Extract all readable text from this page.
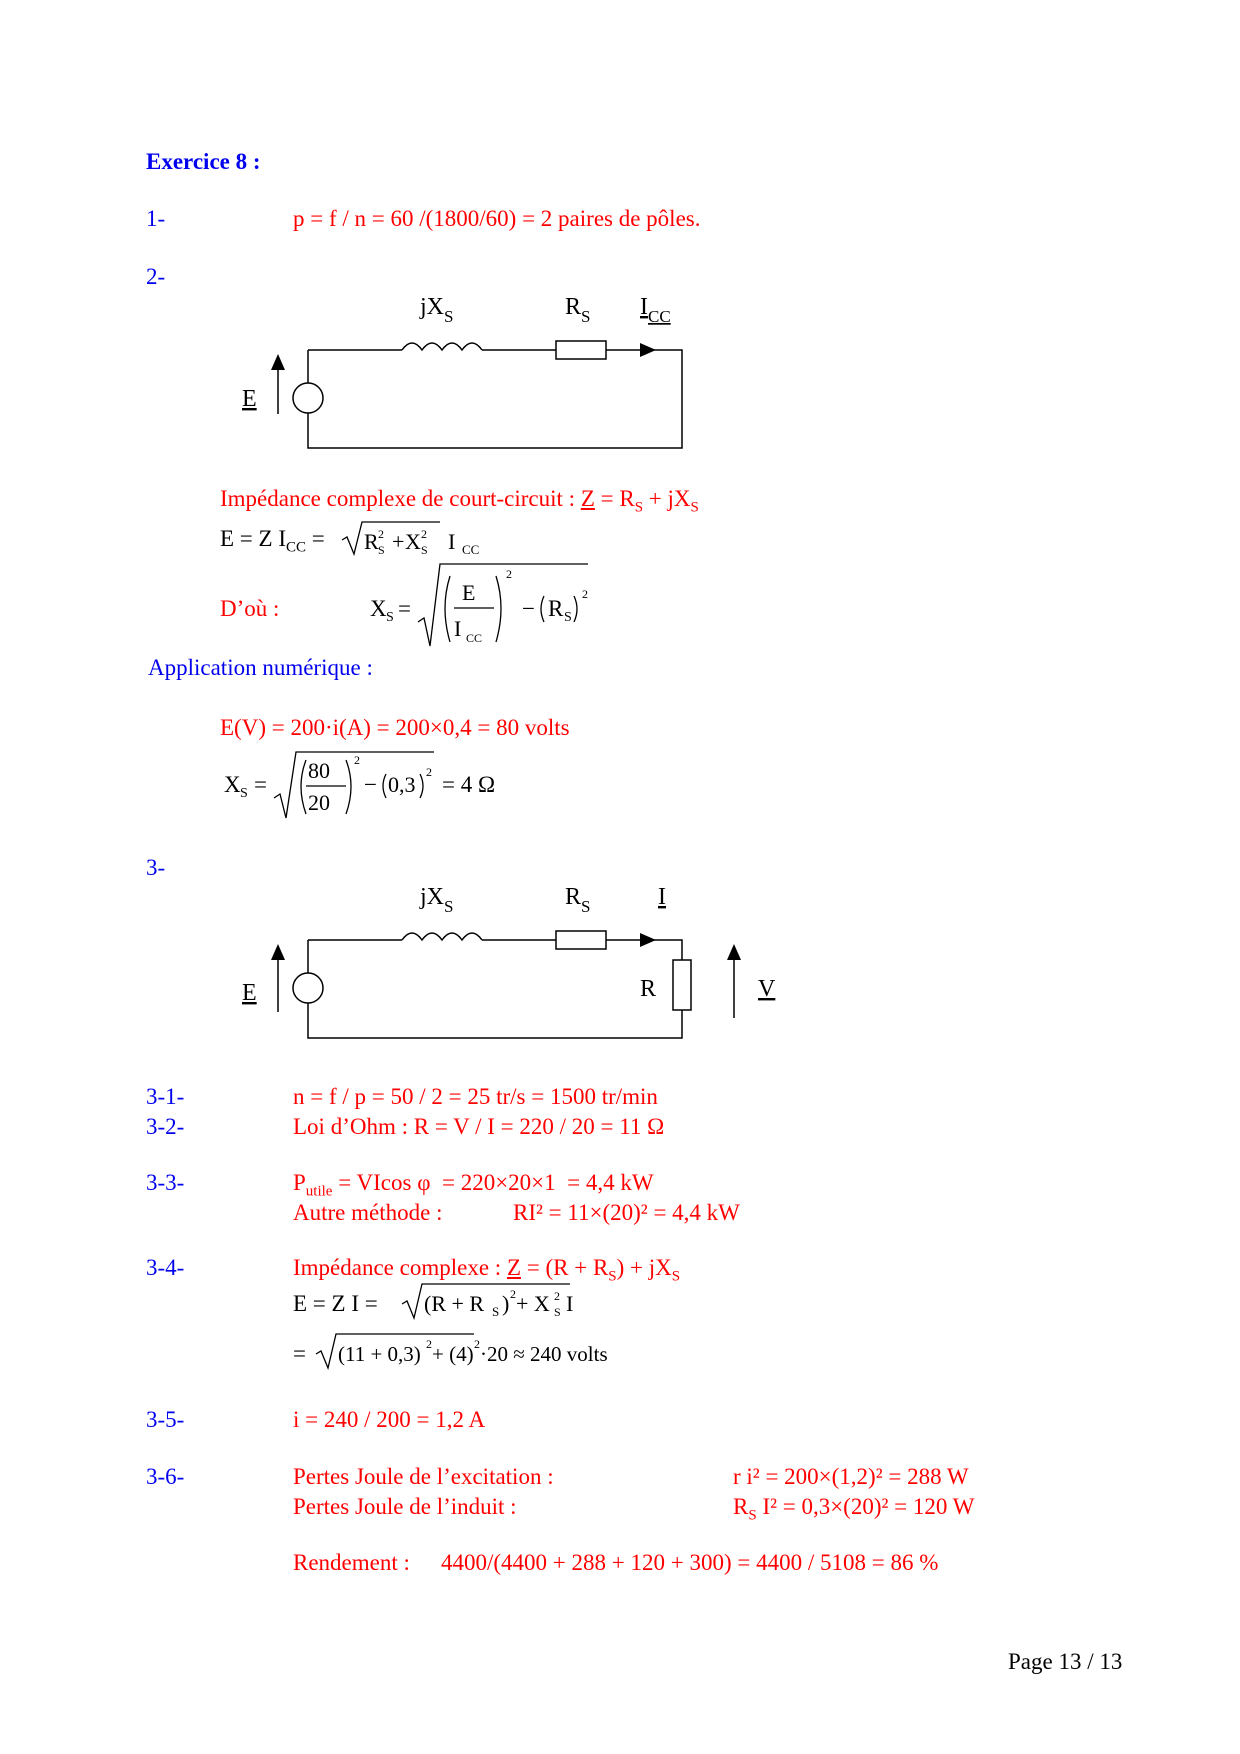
Exercice 8 :
1-	p = f / n = 60 /(1800/60) = 2 paires de pôles.
2-
$jX_S$	$R_S$ $I_{CC}$
E
Impédance complexe de court-circuit : $Z = R_S + jX_S$
E = Z $I_{CC} = R$ 2
S + X 2
S I CC
D’où :	X S =
E
I CC
2
− R S
2
Application numérique :
E(V) = 200·i(A) = 200×0,4 = 80 volts
X S =
80
20
2
− 0,3 2 = 4 Ω
3-
$jX_S$	$R_S$	I
E	R	V
3-1-	n = f / p = 50 / 2 = 25 tr/s = 1500 tr/min
3-2-	Loi d’Ohm : R = V / I = 220 / 20 = 11 Ω
3-3-	$P_{utile} = VIcos$ φ  = 220×20×1  = 4,4 kW
Autre méthode :	RI² = 11×(20)² = 4,4 kW
3-4-	Impédance complexe : $Z = (R + R_S) + jX_S$
E = Z I = (R + R S ) 2 + X 2
S I
= (11 + 0,3) 2 + (4) 2 ·20 ≈ 240 volts
3-5-	i = 240 / 200 = 1,2 A
3-6-	Pertes Joule de l’excitation :	r i² = 200×(1,2)² = 288 W
Pertes Joule de l’induit :	$R_S$ I² = 0,3×(20)² = 120 W
Rendement : 4400/(4400 + 288 + 120 + 300) = 4400 / 5108 = 86 %
Page 13 / 13
